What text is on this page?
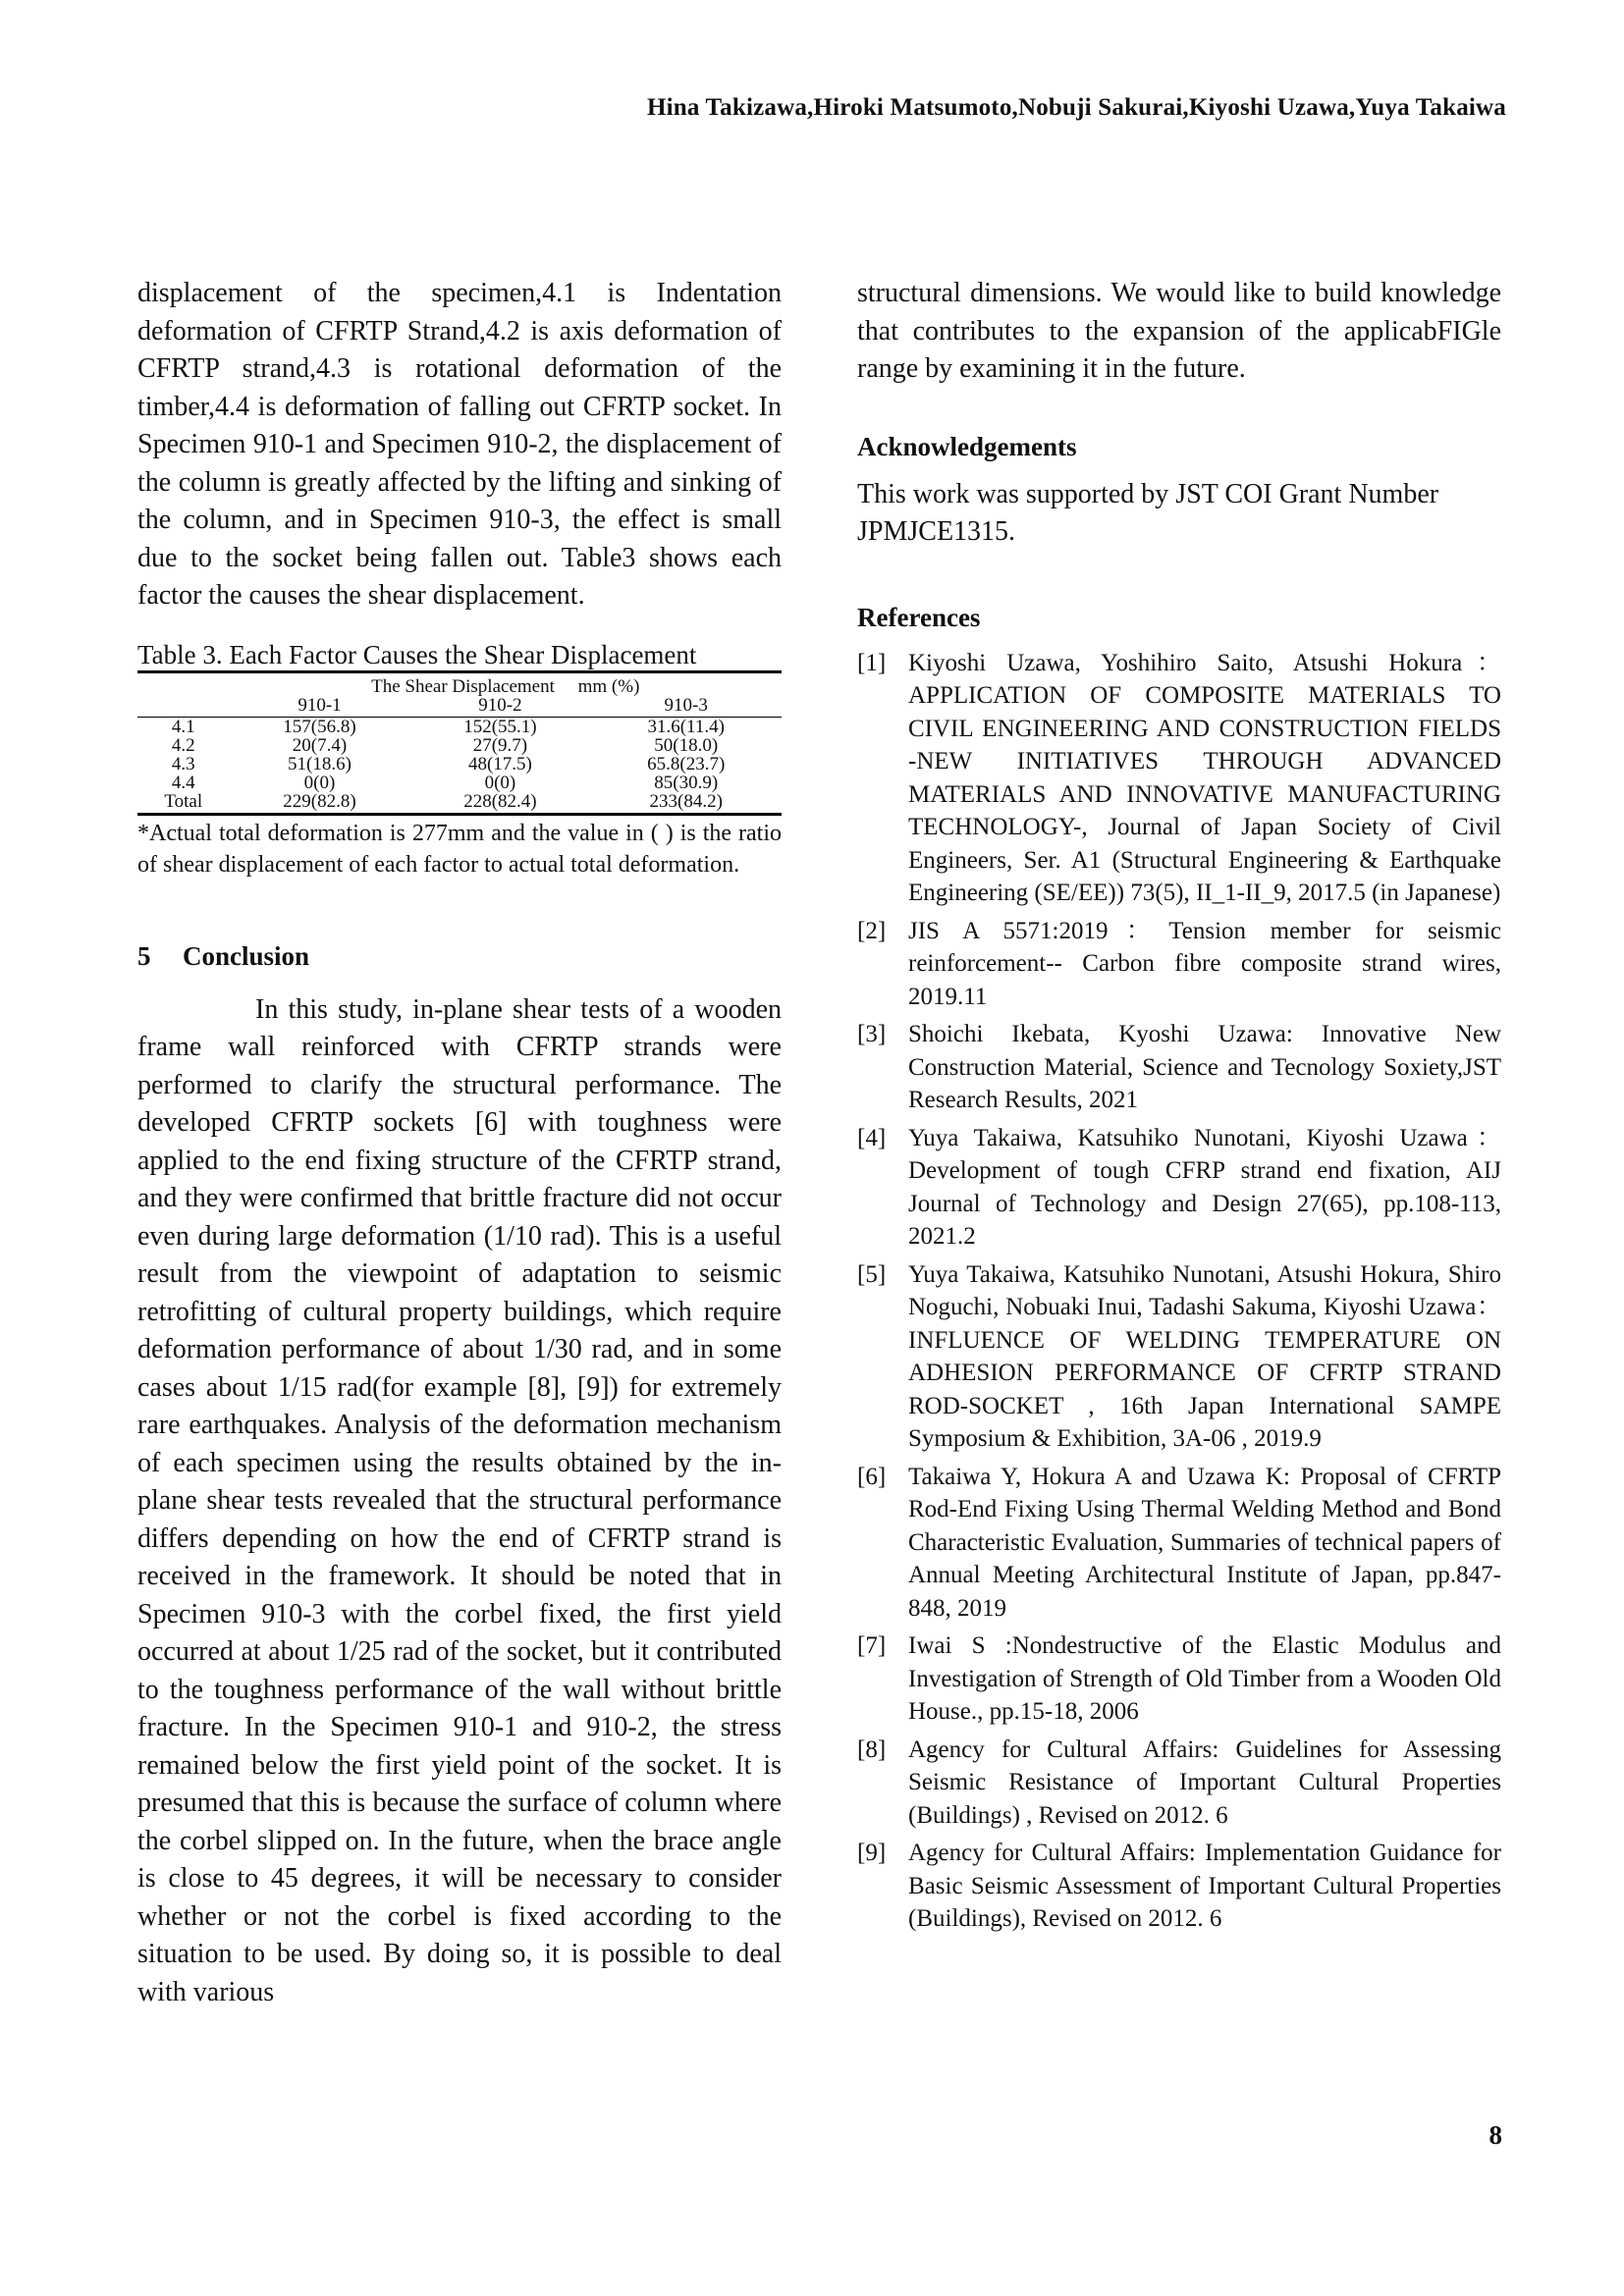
Hina Takizawa,Hiroki Matsumoto,Nobuji Sakurai,Kiyoshi Uzawa,Yuya Takaiwa

displacement of the specimen,4.1 is Indentation deformation of CFRTP Strand,4.2 is axis deformation of CFRTP strand,4.3 is rotational deformation of the timber,4.4 is deformation of falling out CFRTP socket. In Specimen 910-1 and Specimen 910-2, the displacement of the column is greatly affected by the lifting and sinking of the column, and in Specimen 910-3, the effect is small due to the socket being fallen out. Table3 shows each factor the causes the shear displacement.

Table 3. Each Factor Causes the Shear Displacement
	The Shear Displacement     mm (%)		
	910-1	910-2	910-3
4.1	157(56.8)	152(55.1)	31.6(11.4)
4.2	20(7.4)	27(9.7)	50(18.0)
4.3	51(18.6)	48(17.5)	65.8(23.7)
4.4	0(0)	0(0)	85(30.9)
Total	229(82.8)	228(82.4)	233(84.2)
*Actual total deformation is 277mm and the value in ( ) is the ratio of shear displacement of each factor to actual total deformation.
5 Conclusion

In this study, in-plane shear tests of a wooden frame wall reinforced with CFRTP strands were performed to clarify the structural performance. The developed CFRTP sockets [6] with toughness were applied to the end fixing structure of the CFRTP strand, and they were confirmed that brittle fracture did not occur even during large deformation (1/10 rad). This is a useful result from the viewpoint of adaptation to seismic retrofitting of cultural property buildings, which require deformation performance of about 1/30 rad, and in some cases about 1/15 rad(for example [8], [9]) for extremely rare earthquakes. Analysis of the deformation mechanism of each specimen using the results obtained by the in-plane shear tests revealed that the structural performance differs depending on how the end of CFRTP strand is received in the framework. It should be noted that in Specimen 910-3 with the corbel fixed, the first yield occurred at about 1/25 rad of the socket, but it contributed to the toughness performance of the wall without brittle fracture. In the Specimen 910-1 and 910-2, the stress remained below the first yield point of the socket. It is presumed that this is because the surface of column where the corbel slipped on. In the future, when the brace angle is close to 45 degrees, it will be necessary to consider whether or not the corbel is fixed according to the situation to be used. By doing so, it is possible to deal with various

structural dimensions. We would like to build knowledge that contributes to the expansion of the applicabFIGle range by examining it in the future.

Acknowledgements

This work was supported by JST COI Grant Number JPMJCE1315.

References
[1] Kiyoshi Uzawa, Yoshihiro Saito, Atsushi Hokura：APPLICATION OF COMPOSITE MATERIALS TO CIVIL ENGINEERING AND CONSTRUCTION FIELDS -NEW INITIATIVES THROUGH ADVANCED MATERIALS AND INNOVATIVE MANUFACTURING TECHNOLOGY-, Journal of Japan Society of Civil Engineers, Ser. A1 (Structural Engineering & Earthquake Engineering (SE/EE)) 73(5), II_1-II_9, 2017.5 (in Japanese)
[2] JIS A 5571:2019：Tension member for seismic reinforcement-- Carbon fibre composite strand wires, 2019.11
[3] Shoichi Ikebata, Kyoshi Uzawa: Innovative New Construction Material, Science and Tecnology Soxiety,JST Research Results, 2021
[4] Yuya Takaiwa, Katsuhiko Nunotani, Kiyoshi Uzawa：Development of tough CFRP strand end fixation, AIJ Journal of Technology and Design 27(65), pp.108-113, 2021.2
[5] Yuya Takaiwa, Katsuhiko Nunotani, Atsushi Hokura, Shiro Noguchi, Nobuaki Inui, Tadashi Sakuma, Kiyoshi Uzawa：INFLUENCE OF WELDING TEMPERATURE ON ADHESION PERFORMANCE OF CFRTP STRAND ROD-SOCKET , 16th Japan International SAMPE Symposium & Exhibition, 3A-06 , 2019.9
[6] Takaiwa Y, Hokura A and Uzawa K: Proposal of CFRTP Rod-End Fixing Using Thermal Welding Method and Bond Characteristic Evaluation, Summaries of technical papers of Annual Meeting Architectural Institute of Japan, pp.847-848, 2019
[7] Iwai S :Nondestructive of the Elastic Modulus and Investigation of Strength of Old Timber from a Wooden Old House., pp.15-18, 2006
[8] Agency for Cultural Affairs: Guidelines for Assessing Seismic Resistance of Important Cultural Properties (Buildings) , Revised on 2012. 6
[9] Agency for Cultural Affairs: Implementation Guidance for Basic Seismic Assessment of Important Cultural Properties (Buildings), Revised on 2012. 6
8
